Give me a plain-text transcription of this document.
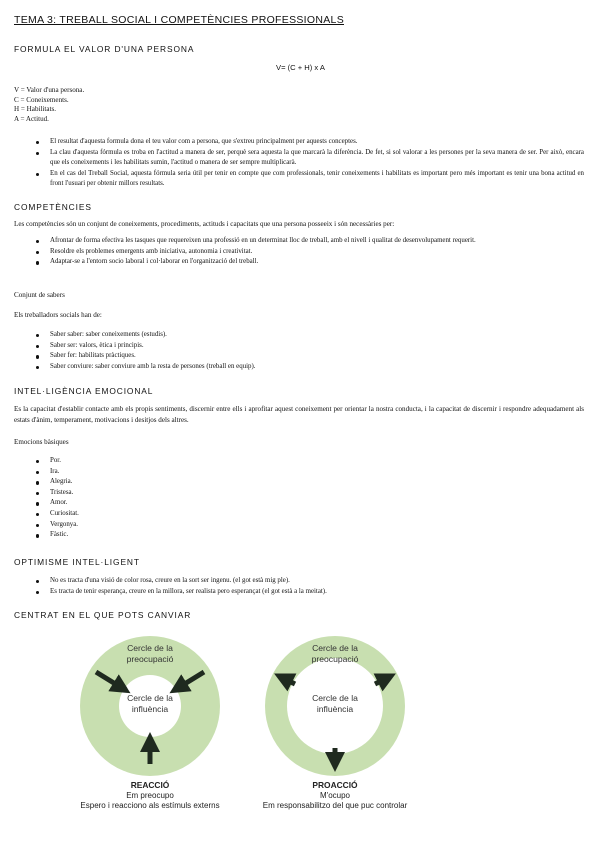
TEMA 3: TREBALL SOCIAL I COMPETÈNCIES PROFESSIONALS
FORMULA EL VALOR D'UNA PERSONA
V= (C + H) x A
V = Valor d'una persona.
C = Coneixements.
H = Habilitats.
A = Actitud.
El resultat d'aquesta formula dona el teu valor com a persona, que s'extreu principalment per aquests conceptes.
La clau d'aquesta fórmula es troba en l'actitud a manera de ser, perquè sera aquesta la que marcarà la diferència. De fet, si sol valorar a les persones per la seva manera de ser. Per això, encara que els coneixements i les habilitats sumin, l'actitud o manera de ser sempre multiplicarà.
En el cas del Treball Social, aquesta fórmula seria útil per tenir en compte que com professionals, tenir coneixements i habilitats es important pero més important es tenir una bona actitud en front l'usuari per obtenir millors resultats.
COMPETÈNCIES
Les competències són un conjunt de coneixements, procediments, actituds i capacitats que una persona posseeix i són necessàries per:
Afrontar de forma efectiva les tasques que requereixen una professió en un determinat lloc de treball, amb el nivell i qualitat de desenvolupament requerit.
Resoldre els problemes emergents amb iniciativa, autonomia i creativitat.
Adaptar-se a l'entorn socio laboral i col·laborar en l'organització del treball.
Conjunt de sabers
Els treballadors socials han de:
Saber saber: saber coneixements (estudis).
Saber ser: valors, ètica i principis.
Saber fer: habilitats pràctiques.
Saber conviure: saber conviure amb la resta de persones (treball en equip).
INTEL·LIGÈNCIA EMOCIONAL
Es la capacitat d'establir contacte amb els propis sentiments, discernir entre ells i aprofitar aquest coneixement per orientar la nostra conducta, i la capacitat de discernir i respondre adequadament als estats d'ànim, temperament, motivacions i desitjos dels altres.
Emocions bàsiques
Por.
Ira.
Alegria.
Tristesa.
Amor.
Curiositat.
Vergonya.
Fàstic.
OPTIMISME INTEL·LIGENT
No es tracta d'una visió de color rosa, creure en la sort ser ingenu. (el got està mig ple).
Es tracta de tenir esperança, creure en la millora, ser realista pero esperançat (el got està a la meitat).
CENTRAT EN EL QUE POTS CANVIAR
Cercle de la preocupació
Cercle de la influència
Cercle de la preocupació
Cercle de la influència
REACCIÓ
Em preocupo
Espero i reacciono als estímuls externs
PROACCIÓ
M'ocupo
Em responsabilitzo del que puc controlar
